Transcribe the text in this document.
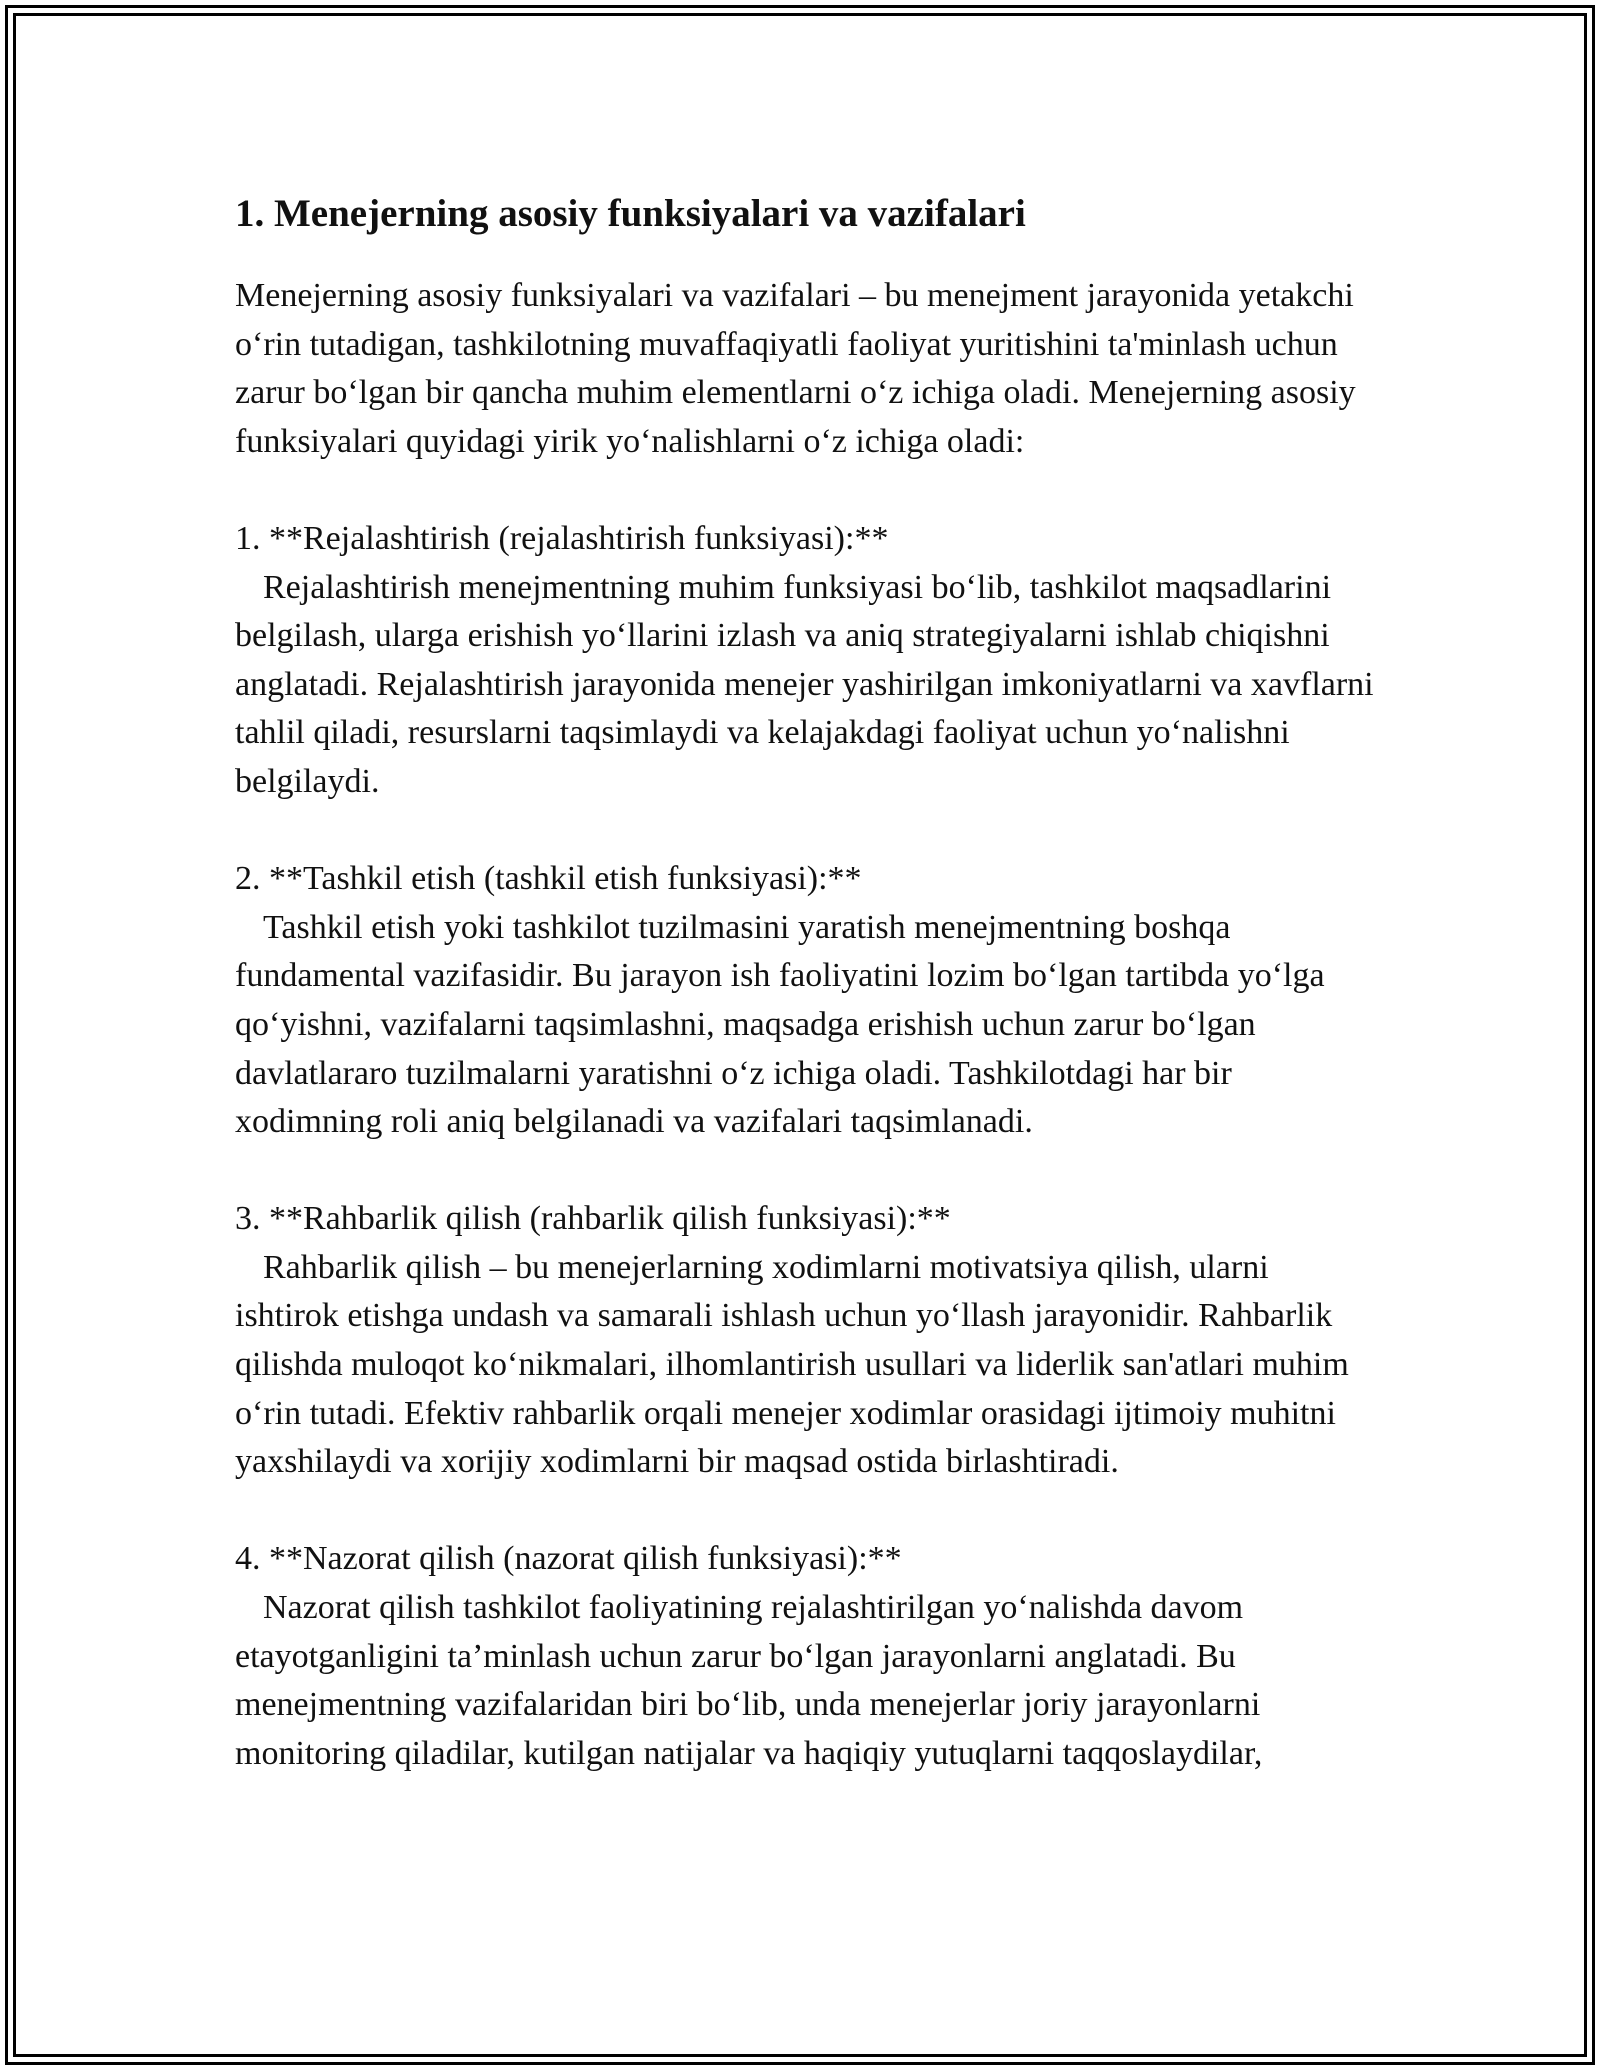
1. Menejerning asosiy funksiyalari va vazifalari

Menejerning asosiy funksiyalari va vazifalari – bu menejment jarayonida yetakchi o‘rin tutadigan, tashkilotning muvaffaqiyatli faoliyat yuritishini ta'minlash uchun zarur bo‘lgan bir qancha muhim elementlarni o‘z ichiga oladi. Menejerning asosiy funksiyalari quyidagi yirik yo‘nalishlarni o‘z ichiga oladi:

1. **Rejalashtirish (rejalashtirish funksiyasi):**

Rejalashtirish menejmentning muhim funksiyasi bo‘lib, tashkilot maqsadlarini belgilash, ularga erishish yo‘llarini izlash va aniq strategiyalarni ishlab chiqishni anglatadi. Rejalashtirish jarayonida menejer yashirilgan imkoniyatlarni va xavflarni tahlil qiladi, resurslarni taqsimlaydi va kelajakdagi faoliyat uchun yo‘nalishni belgilaydi.

2. **Tashkil etish (tashkil etish funksiyasi):**

Tashkil etish yoki tashkilot tuzilmasini yaratish menejmentning boshqa fundamental vazifasidir. Bu jarayon ish faoliyatini lozim bo‘lgan tartibda yo‘lga qo‘yishni, vazifalarni taqsimlashni, maqsadga erishish uchun zarur bo‘lgan davlatlararo tuzilmalarni yaratishni o‘z ichiga oladi. Tashkilotdagi har bir xodimning roli aniq belgilanadi va vazifalari taqsimlanadi.

3. **Rahbarlik qilish (rahbarlik qilish funksiyasi):**

Rahbarlik qilish – bu menejerlarning xodimlarni motivatsiya qilish, ularni ishtirok etishga undash va samarali ishlash uchun yo‘llash jarayonidir. Rahbarlik qilishda muloqot ko‘nikmalari, ilhomlantirish usullari va liderlik san'atlari muhim o‘rin tutadi. Efektiv rahbarlik orqali menejer xodimlar orasidagi ijtimoiy muhitni yaxshilaydi va xorijiy xodimlarni bir maqsad ostida birlashtiradi.

4. **Nazorat qilish (nazorat qilish funksiyasi):**

Nazorat qilish tashkilot faoliyatining rejalashtirilgan yo‘nalishda davom etayotganligini ta’minlash uchun zarur bo‘lgan jarayonlarni anglatadi. Bu menejmentning vazifalaridan biri bo‘lib, unda menejerlar joriy jarayonlarni monitoring qiladilar, kutilgan natijalar va haqiqiy yutuqlarni taqqoslaydilar,
